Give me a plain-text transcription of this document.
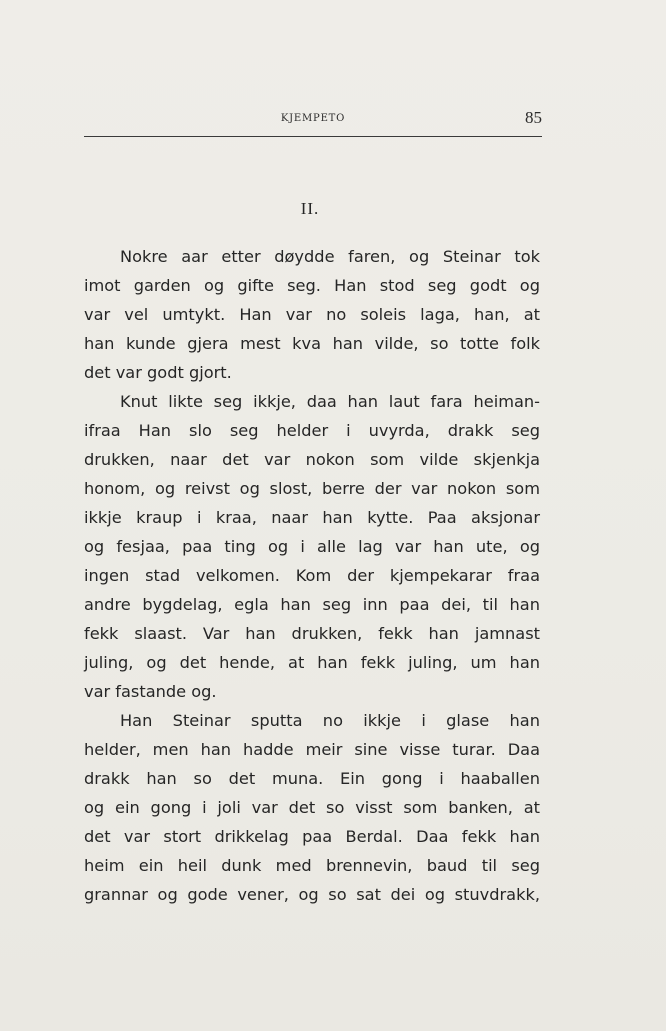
KJEMPETO	85
II.
Nokre aar etter døydde faren, og Steinar tok
imot garden og gifte seg. Han stod seg godt og
var vel umtykt. Han var no soleis laga, han, at
han kunde gjera mest kva han vilde, so totte folk
det var godt gjort.
Knut likte seg ikkje, daa han laut fara heiman-
ifraa Han slo seg helder i uvyrda, drakk seg
drukken, naar det var nokon som vilde skjenkja
honom, og reivst og slost, berre der var nokon som
ikkje kraup i kraa, naar han kytte. Paa aksjonar
og fesjaa, paa ting og i alle lag var han ute, og
ingen stad velkomen. Kom der kjempekarar fraa
andre bygdelag, egla han seg inn paa dei, til han
fekk slaast. Var han drukken, fekk han jamnast
juling, og det hende, at han fekk juling, um han
var fastande og.
Han Steinar sputta no ikkje i glase han
helder, men han hadde meir sine visse turar. Daa
drakk han so det muna. Ein gong i haaballen
og ein gong i joli var det so visst som banken, at
det var stort drikkelag paa Berdal. Daa fekk han
heim ein heil dunk med brennevin, baud til seg
grannar og gode vener, og so sat dei og stuvdrakk,
